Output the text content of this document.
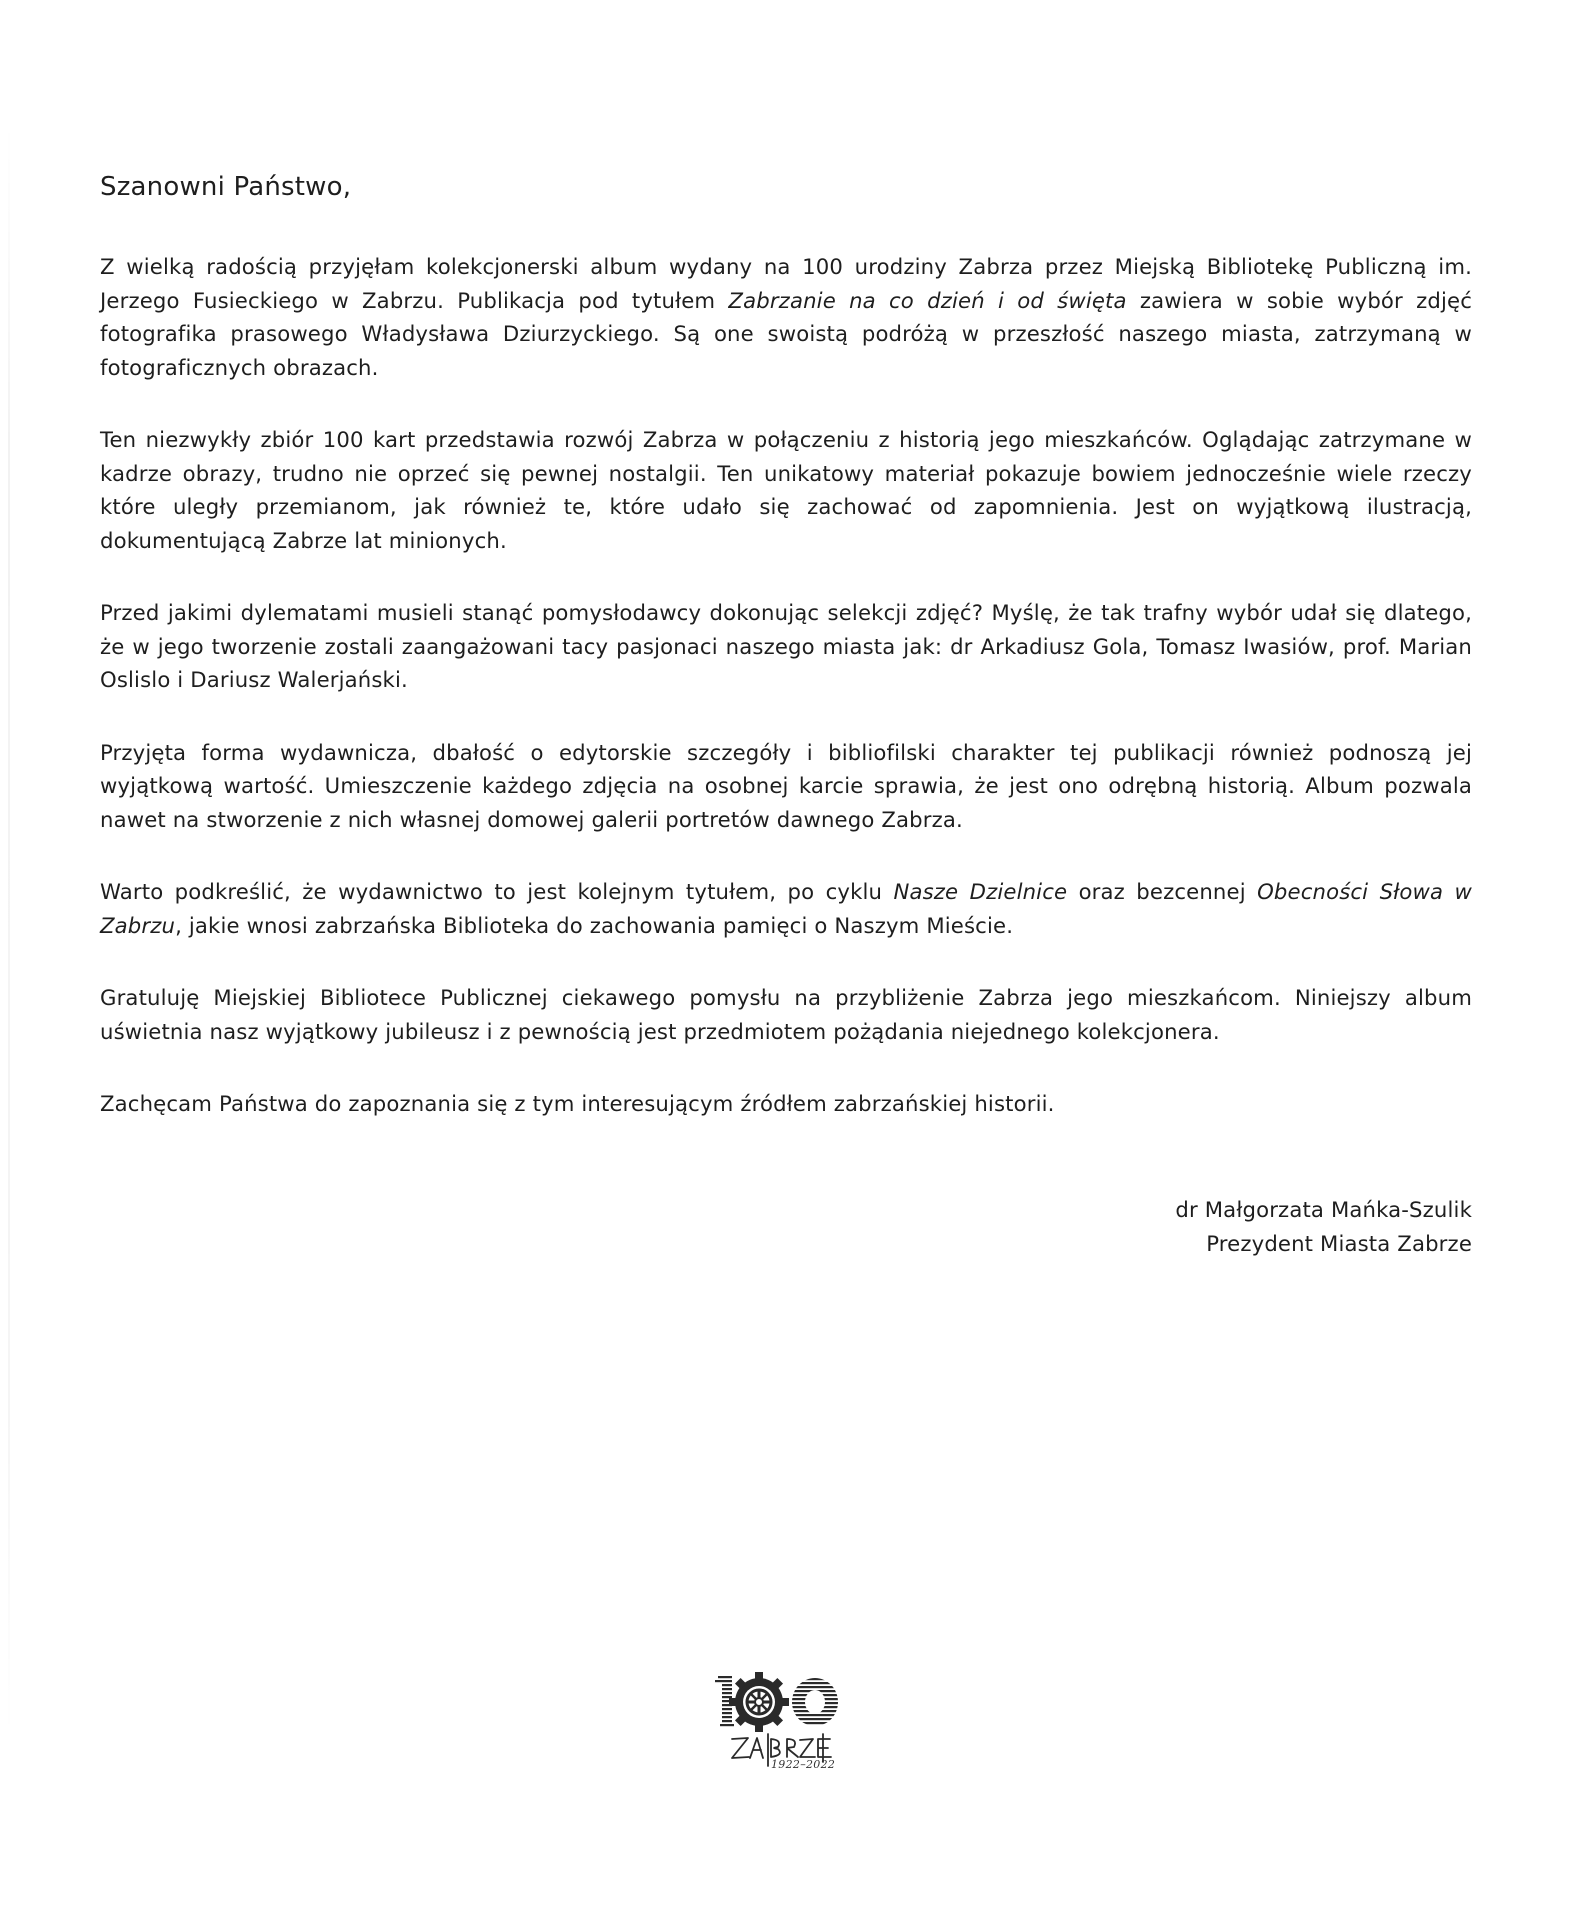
Szanowni Państwo,

Z wielką radością przyjęłam kolekcjonerski album wydany na 100 urodziny Zabrza przez Miejską Bibliotekę Publiczną im. Jerzego Fusieckiego w Zabrzu. Publikacja pod tytułem Zabrzanie na co dzień i od święta zawiera w sobie wybór zdjęć fotografika prasowego Władysława Dziurzyckiego. Są one swoistą podróżą w przeszłość naszego miasta, zatrzymaną w fotograficznych obrazach.

Ten niezwykły zbiór 100 kart przedstawia rozwój Zabrza w połączeniu z historią jego mieszkańców. Oglądając zatrzymane w kadrze obrazy, trudno nie oprzeć się pewnej nostalgii. Ten unikatowy materiał pokazuje bowiem jednocześnie wiele rzeczy które uległy przemianom, jak również te, które udało się zachować od zapomnienia. Jest on wyjątkową ilustracją, dokumentującą Zabrze lat minionych.

Przed jakimi dylematami musieli stanąć pomysłodawcy dokonując selekcji zdjęć? Myślę, że tak trafny wybór udał się dlatego, że w jego tworzenie zostali zaangażowani tacy pasjonaci naszego miasta jak: dr Arkadiusz Gola, Tomasz Iwasiów, prof. Marian Oslislo i Dariusz Walerjański.

Przyjęta forma wydawnicza, dbałość o edytorskie szczegóły i bibliofilski charakter tej publikacji również podnoszą jej wyjątkową wartość. Umieszczenie każdego zdjęcia na osobnej karcie sprawia, że jest ono odrębną historią. Album pozwala nawet na stworzenie z nich własnej domowej galerii portretów dawnego Zabrza.

Warto podkreślić, że wydawnictwo to jest kolejnym tytułem, po cyklu Nasze Dzielnice oraz bezcennej Obecności Słowa w Zabrzu, jakie wnosi zabrzańska Biblioteka do zachowania pamięci o Naszym Mieście.

Gratuluję Miejskiej Bibliotece Publicznej ciekawego pomysłu na przybliżenie Zabrza jego mieszkańcom. Niniejszy album uświetnia nasz wyjątkowy jubileusz i z pewnością jest przedmiotem pożądania niejednego kolekcjonera.

Zachęcam Państwa do zapoznania się z tym interesującym źródłem zabrzańskiej historii.

dr Małgorzata Mańka-Szulik
Prezydent Miasta Zabrze
1922–2022
